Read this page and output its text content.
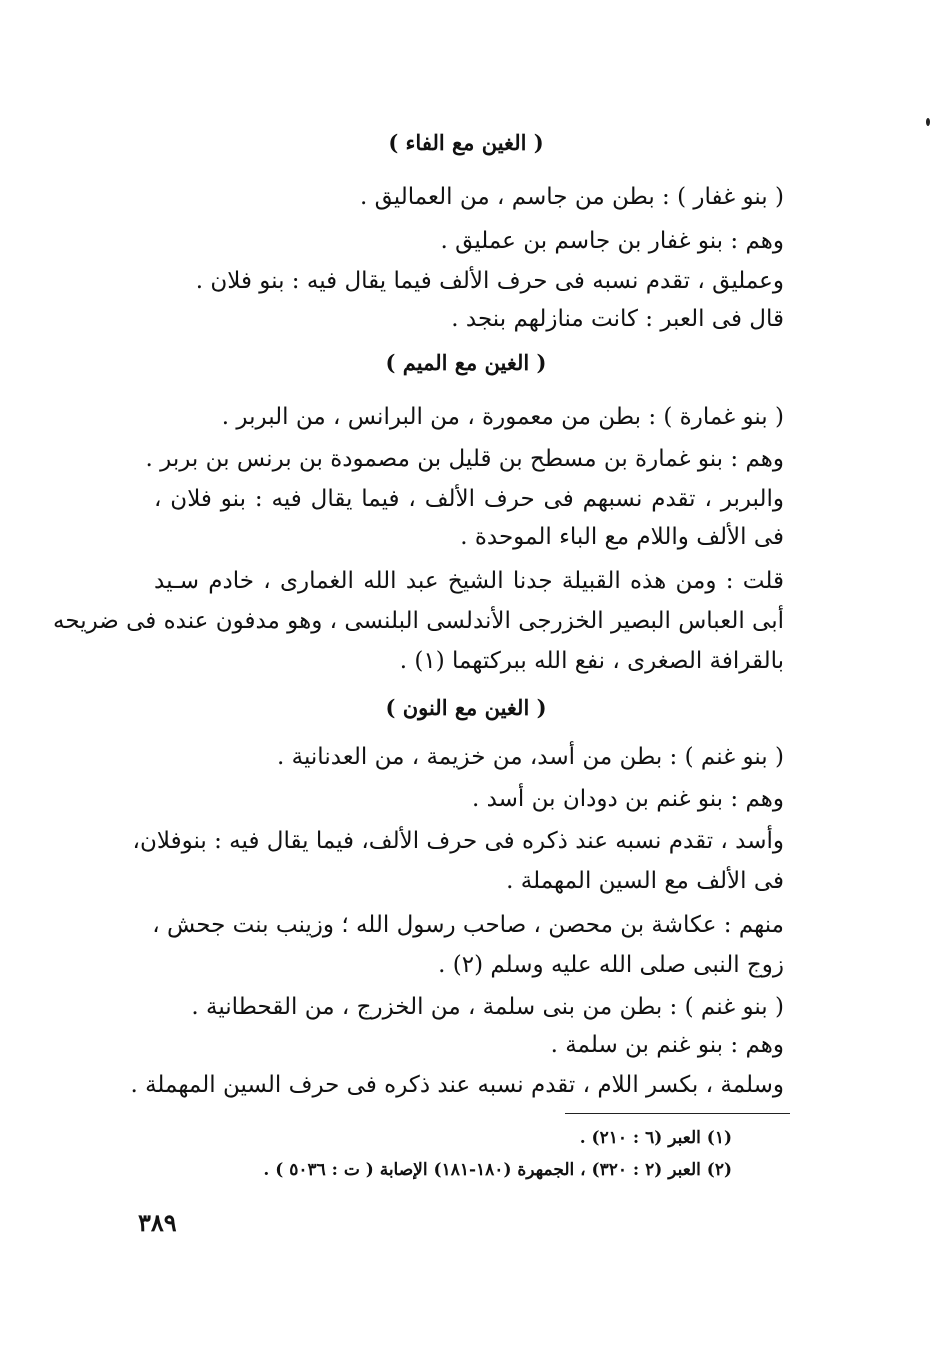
( الغين مع الفاء )
( بنو غفار ) : بطن من جاسم ، من العماليق .
وهم : بنو غفار بن جاسم بن عمليق .
وعمليق ، تقدم نسبه فى حرف الألف فيما يقال فيه : بنو فلان .
قال فى العبر : كانت منازلهم بنجد .
( الغين مع الميم )
( بنو غمارة ) : بطن من معمورة ، من البرانس ، من البربر .
وهم : بنو غمارة بن مسطح بن قليل بن مصمودة بن برنس بن بربر .
والبربر ، تقدم نسبهم فى حرف الألف ، فيما يقال فيه : بنو فلان ،
فى الألف واللام مع الباء الموحدة .
قلت : ومن هذه القبيلة جدنا الشيخ عبد الله الغمارى ، خادم سـيد
أبى العباس البصير الخزرجى الأندلسى البلنسى ، وهو مدفون عنده فى ضريحه
بالقرافة الصغرى ، نفع الله ببركتهما (١) .
( الغين مع النون )
( بنو غنم ) : بطن من أسد، من خزيمة ، من العدنانية .
وهم : بنو غنم بن دودان بن أسد .
وأسد ، تقدم نسبه عند ذكره فى حرف الألف، فيما يقال فيه : بنوفلان،
فى الألف مع السين المهملة .
منهم : عكاشة بن محصن ، صاحب رسول الله ؛ وزينب بنت جحش ،
زوج النبى صلى الله عليه وسلم (٢) .
( بنو غنم ) : بطن من بنى سلمة ، من الخزرج ، من القحطانية .
وهم : بنو غنم بن سلمة .
وسلمة ، بكسر اللام ، تقدم نسبه عند ذكره فى حرف السين المهملة .
(١) العبر (٦ : ٢١٠) .
(٢) العبر (٢ : ٣٢٠) ، الجمهرة (١٨٠-١٨١) الإصابة ( ت : ٥٠٣٦ ) .
٣٨٩
